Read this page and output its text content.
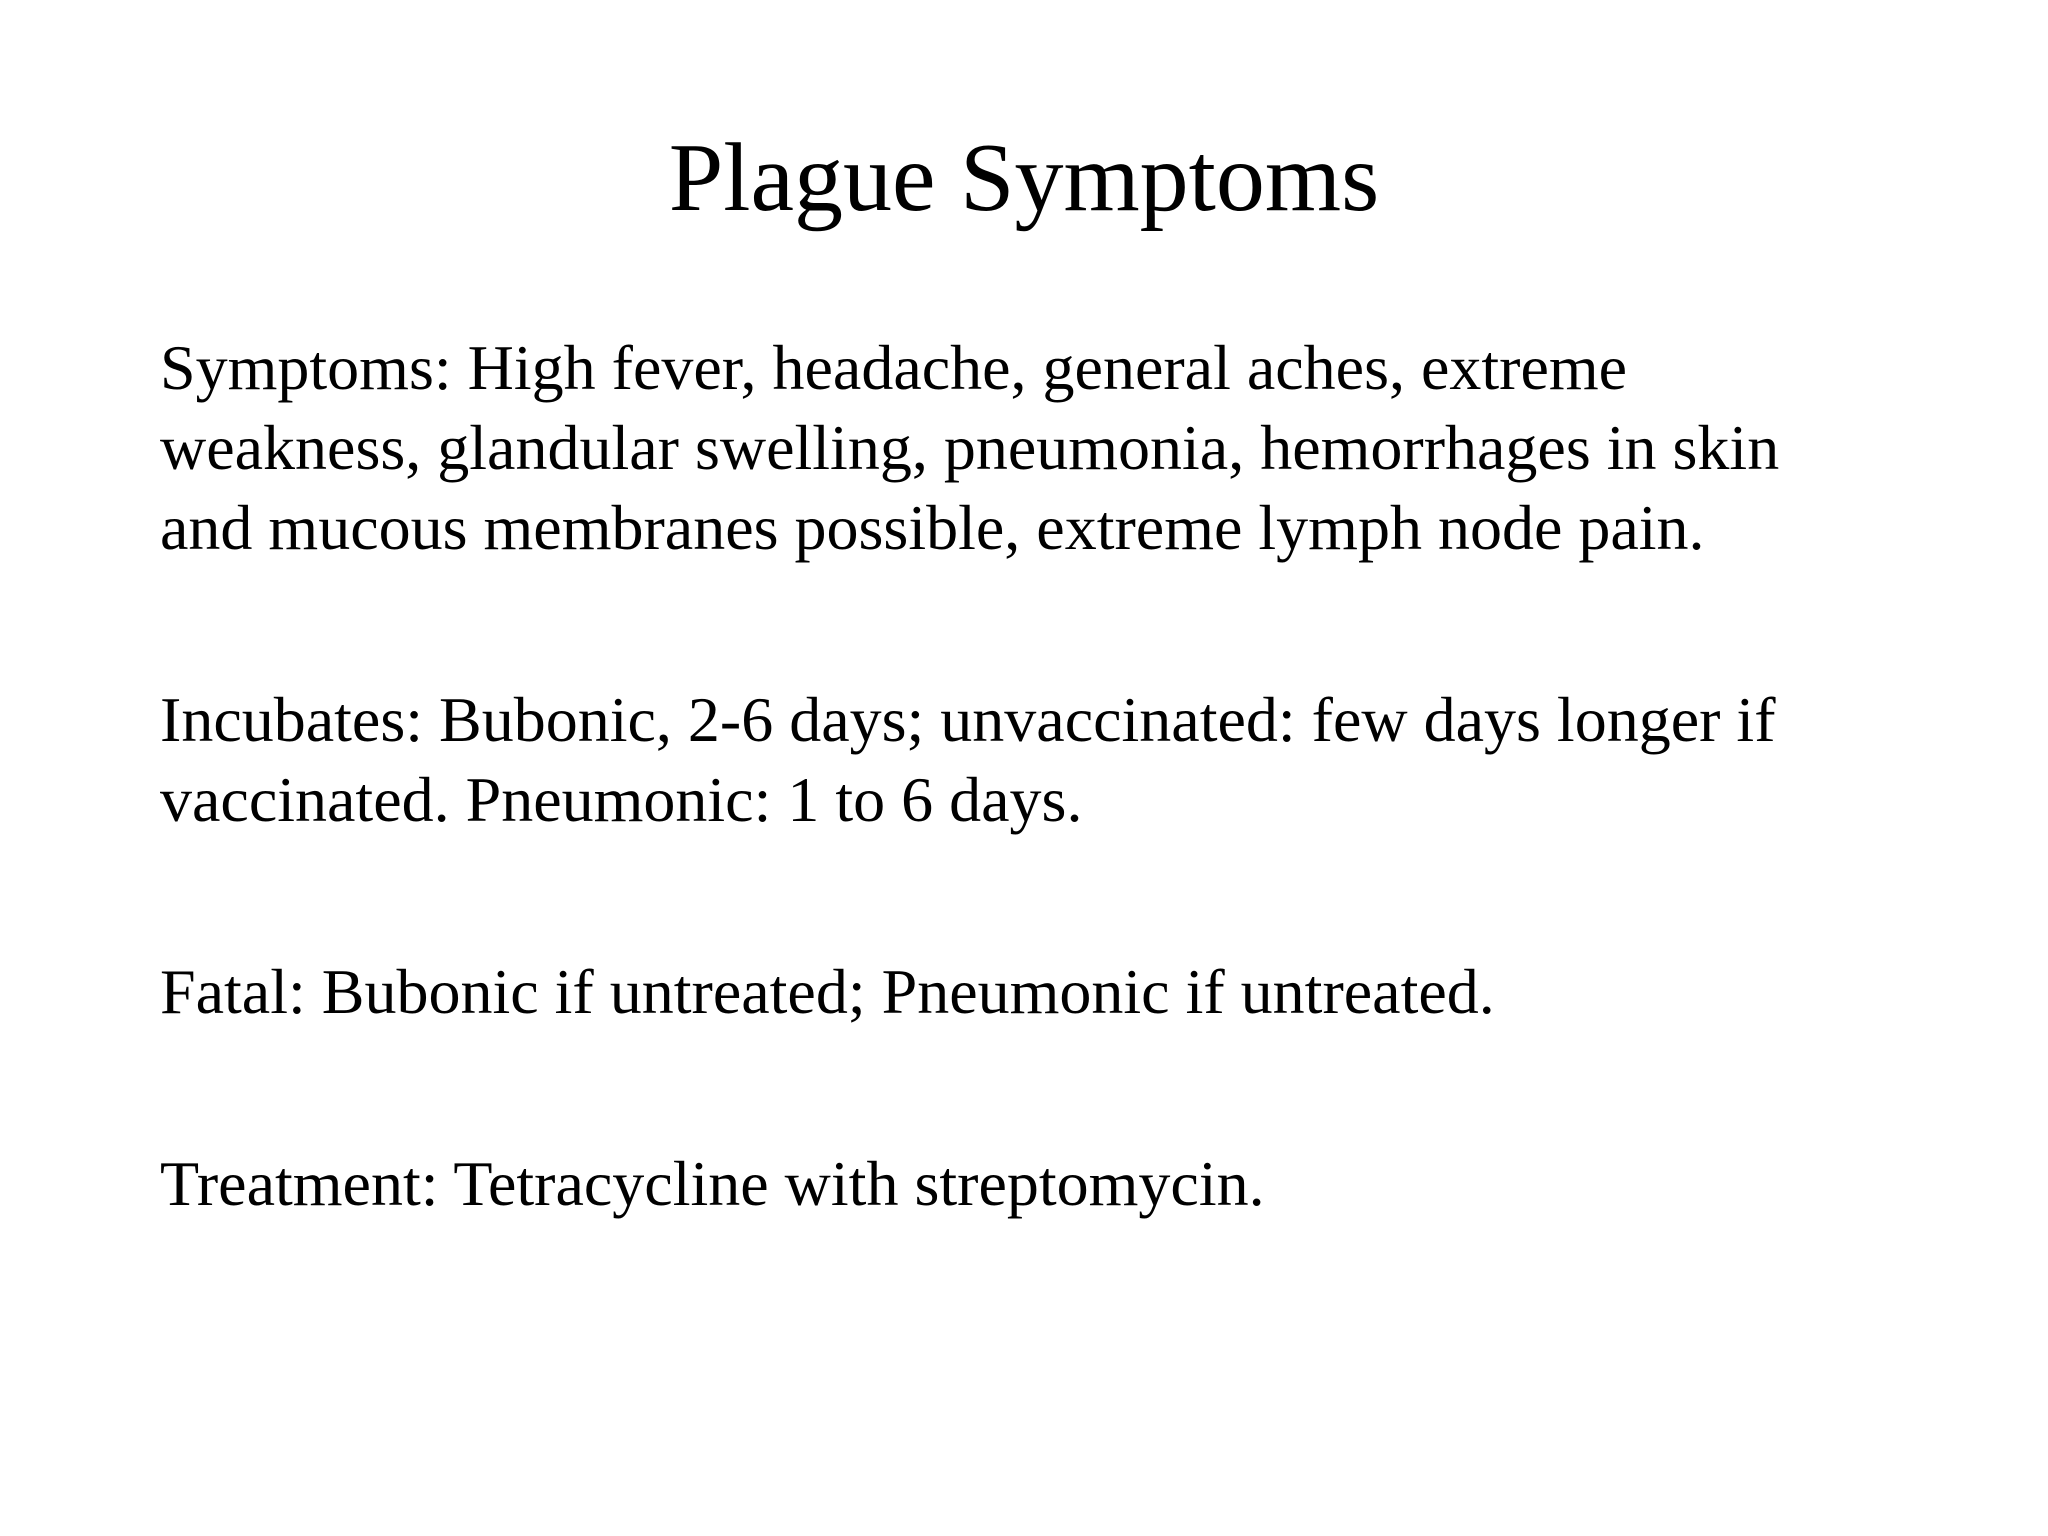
Plague Symptoms

Symptoms: High fever, headache, general aches, extreme
weakness, glandular swelling, pneumonia, hemorrhages in skin
and mucous membranes possible, extreme lymph node pain.

Incubates: Bubonic, 2-6 days; unvaccinated: few days longer if
vaccinated. Pneumonic: 1 to 6 days.

Fatal: Bubonic if untreated; Pneumonic if untreated.

Treatment: Tetracycline with streptomycin.
